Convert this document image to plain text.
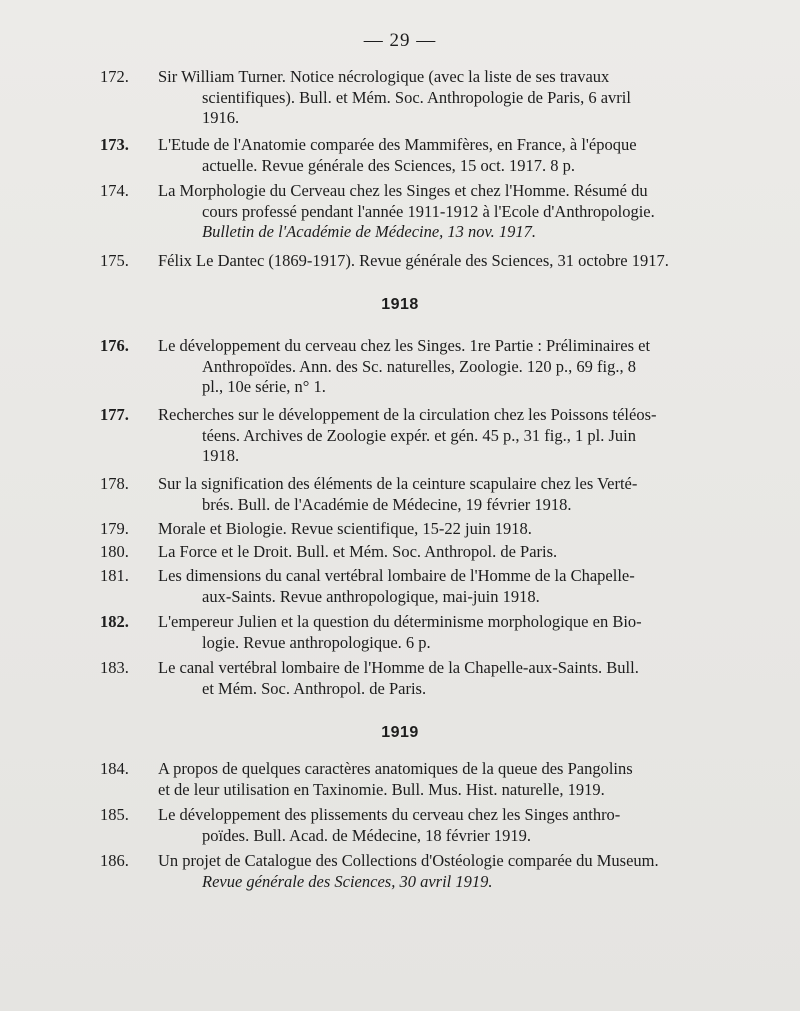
— 29 —
172.	Sir William Turner. Notice nécrologique (avec la liste de ses travaux
scientifiques). Bull. et Mém. Soc. Anthropologie de Paris, 6 avril
1916.
173.	L'Etude de l'Anatomie comparée des Mammifères, en France, à l'époque
actuelle. Revue générale des Sciences, 15 oct. 1917. 8 p.
174.	La Morphologie du Cerveau chez les Singes et chez l'Homme. Résumé du
cours professé pendant l'année 1911-1912 à l'Ecole d'Anthropologie.
Bulletin de l'Académie de Médecine, 13 nov. 1917.
175.	Félix Le Dantec (1869-1917). Revue générale des Sciences, 31 octobre 1917.
1918
176.	Le développement du cerveau chez les Singes. 1re Partie : Préliminaires et
Anthropoïdes. Ann. des Sc. naturelles, Zoologie. 120 p., 69 fig., 8
pl., 10e série, n° 1.
177.	Recherches sur le développement de la circulation chez les Poissons téléos-
téens. Archives de Zoologie expér. et gén. 45 p., 31 fig., 1 pl. Juin
1918.
178.	Sur la signification des éléments de la ceinture scapulaire chez les Verté-
brés. Bull. de l'Académie de Médecine, 19 février 1918.
179.	Morale et Biologie. Revue scientifique, 15-22 juin 1918.
180.	La Force et le Droit. Bull. et Mém. Soc. Anthropol. de Paris.
181.	Les dimensions du canal vertébral lombaire de l'Homme de la Chapelle-
aux-Saints. Revue anthropologique, mai-juin 1918.
182.	L'empereur Julien et la question du déterminisme morphologique en Bio-
logie. Revue anthropologique. 6 p.
183.	Le canal vertébral lombaire de l'Homme de la Chapelle-aux-Saints. Bull.
et Mém. Soc. Anthropol. de Paris.
1919
184.	A propos de quelques caractères anatomiques de la queue des Pangolins
et de leur utilisation en Taxinomie. Bull. Mus. Hist. naturelle, 1919.
185.	Le développement des plissements du cerveau chez les Singes anthro-
poïdes. Bull. Acad. de Médecine, 18 février 1919.
186.	Un projet de Catalogue des Collections d'Ostéologie comparée du Museum.
Revue générale des Sciences, 30 avril 1919.
